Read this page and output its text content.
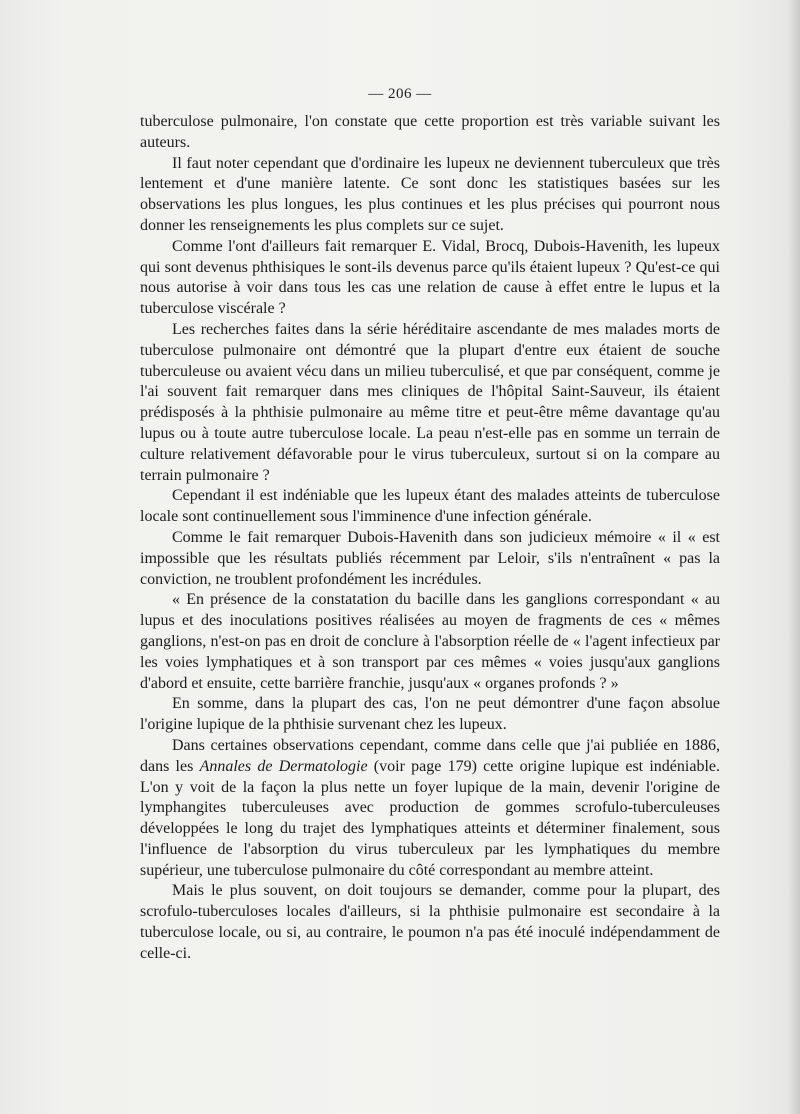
— 206 —

tuberculose pulmonaire, l'on constate que cette proportion est très variable suivant les auteurs.

Il faut noter cependant que d'ordinaire les lupeux ne deviennent tuberculeux que très lentement et d'une manière latente. Ce sont donc les statistiques basées sur les observations les plus longues, les plus continues et les plus précises qui pourront nous donner les renseignements les plus complets sur ce sujet.

Comme l'ont d'ailleurs fait remarquer E. Vidal, Brocq, Dubois-Havenith, les lupeux qui sont devenus phthisiques le sont-ils devenus parce qu'ils étaient lupeux ? Qu'est-ce qui nous autorise à voir dans tous les cas une relation de cause à effet entre le lupus et la tuberculose viscérale ?

Les recherches faites dans la série héréditaire ascendante de mes malades morts de tuberculose pulmonaire ont démontré que la plupart d'entre eux étaient de souche tuberculeuse ou avaient vécu dans un milieu tuberculisé, et que par conséquent, comme je l'ai souvent fait remarquer dans mes cliniques de l'hôpital Saint-Sauveur, ils étaient prédisposés à la phthisie pulmonaire au même titre et peut-être même davantage qu'au lupus ou à toute autre tuberculose locale. La peau n'est-elle pas en somme un terrain de culture relativement défavorable pour le virus tuberculeux, surtout si on la compare au terrain pulmonaire ?

Cependant il est indéniable que les lupeux étant des malades atteints de tuberculose locale sont continuellement sous l'imminence d'une infection générale.

Comme le fait remarquer Dubois-Havenith dans son judicieux mémoire « il « est impossible que les résultats publiés récemment par Leloir, s'ils n'entraînent « pas la conviction, ne troublent profondément les incrédules.

« En présence de la constatation du bacille dans les ganglions correspondant « au lupus et des inoculations positives réalisées au moyen de fragments de ces « mêmes ganglions, n'est-on pas en droit de conclure à l'absorption réelle de « l'agent infectieux par les voies lymphatiques et à son transport par ces mêmes « voies jusqu'aux ganglions d'abord et ensuite, cette barrière franchie, jusqu'aux « organes profonds ? »

En somme, dans la plupart des cas, l'on ne peut démontrer d'une façon absolue l'origine lupique de la phthisie survenant chez les lupeux.

Dans certaines observations cependant, comme dans celle que j'ai publiée en 1886, dans les Annales de Dermatologie (voir page 179) cette origine lupique est indéniable. L'on y voit de la façon la plus nette un foyer lupique de la main, devenir l'origine de lymphangites tuberculeuses avec production de gommes scrofulo-tuberculeuses développées le long du trajet des lymphatiques atteints et déterminer finalement, sous l'influence de l'absorption du virus tuberculeux par les lymphatiques du membre supérieur, une tuberculose pulmonaire du côté correspondant au membre atteint.

Mais le plus souvent, on doit toujours se demander, comme pour la plupart, des scrofulo-tuberculoses locales d'ailleurs, si la phthisie pulmonaire est secondaire à la tuberculose locale, ou si, au contraire, le poumon n'a pas été inoculé indépendamment de celle-ci.
